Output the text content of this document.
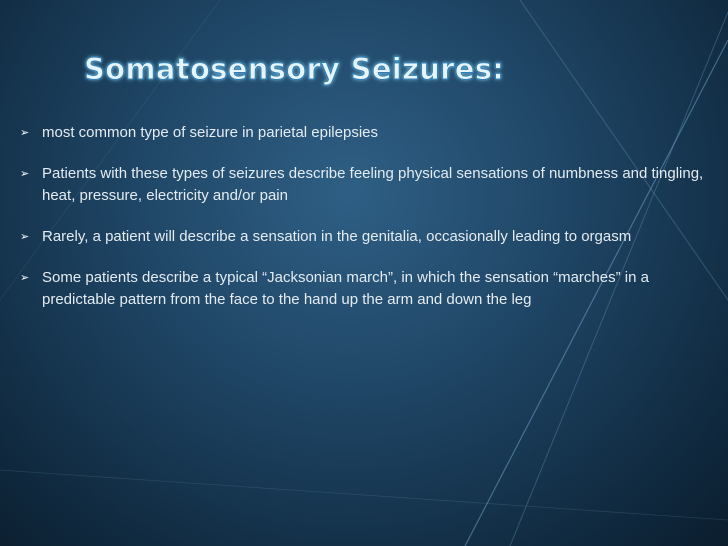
Somatosensory Seizures:
➢ most common type of seizure in parietal epilepsies
➢ Patients with these types of seizures describe feeling physical sensations of numbness and tingling, heat, pressure, electricity and/or pain
➢ Rarely, a patient will describe a sensation in the genitalia, occasionally leading to orgasm
➢ Some patients describe a typical “Jacksonian march”, in which the sensation “marches” in a predictable pattern from the face to the hand up the arm and down the leg
